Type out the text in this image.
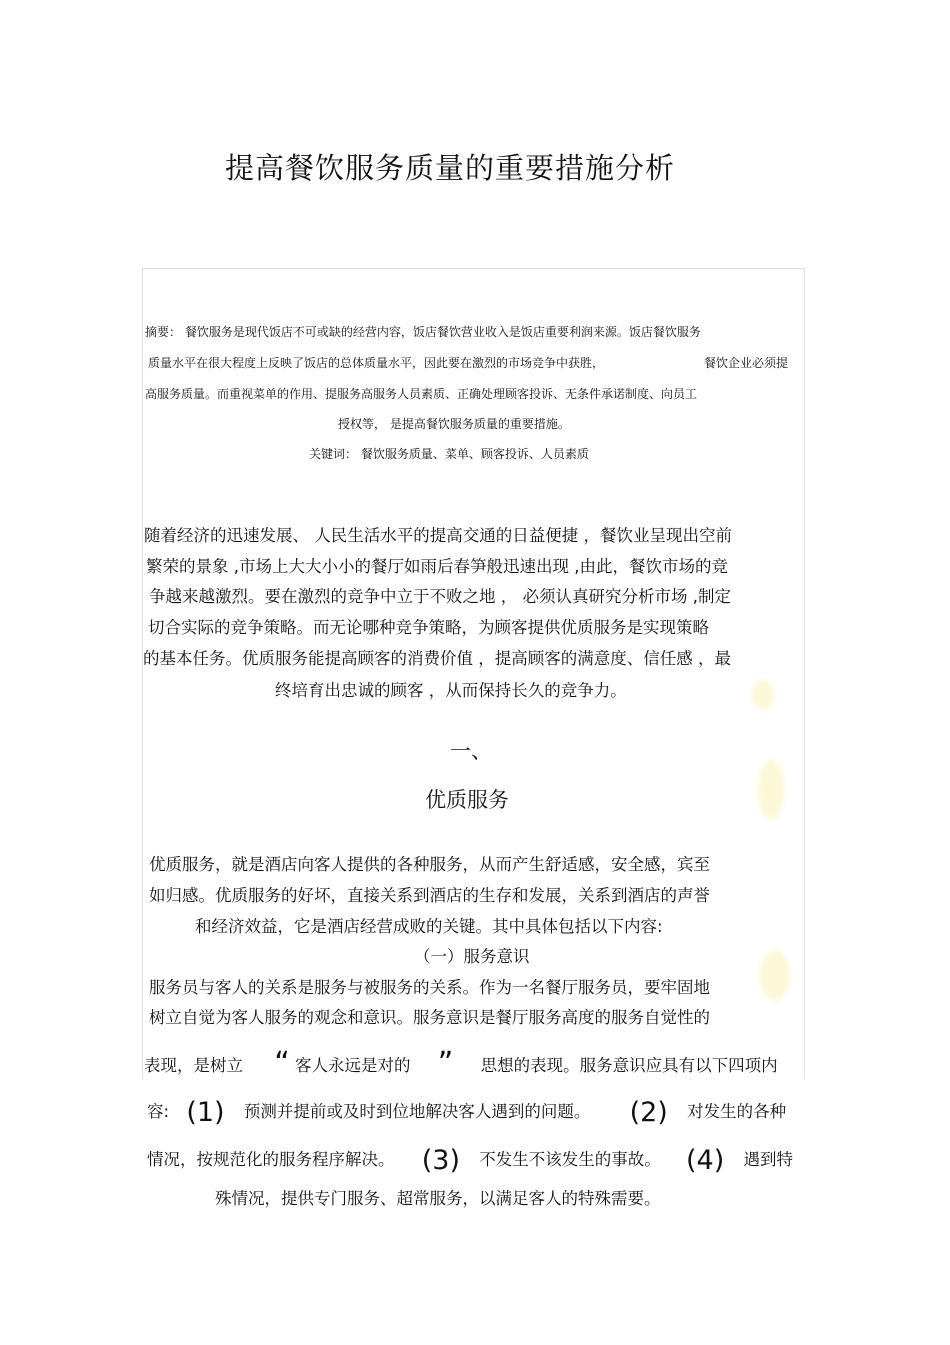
提高餐饮服务质量的重要措施分析
摘要： 餐饮服务是现代饭店不可或缺的经营内容，饭店餐饮营业收入是饭店重要利润来源。饭店餐饮服务
质量水平在很大程度上反映了饭店的总体质量水平，因此要在激烈的市场竞争中获胜，	餐饮企业必须提
高服务质量。而重视菜单的作用、提服务高服务人员素质、正确处理顾客投诉、无条件承诺制度、向员工
授权等， 是提高餐饮服务质量的重要措施。
关键词： 餐饮服务质量、菜单、顾客投诉、人员素质
随着经济的迅速发展、 人民生活水平的提高交通的日益便捷 ，餐饮业呈现出空前
繁荣的景象 ,市场上大大小小的餐厅如雨后春笋般迅速出现 ,由此，餐饮市场的竞
争越来越激烈。要在激烈的竞争中立于不败之地 ， 必须认真研究分析市场 ,制定
切合实际的竞争策略。而无论哪种竞争策略，为顾客提供优质服务是实现策略
的基本任务。优质服务能提高顾客的消费价值 ，提高顾客的满意度、信任感 ，最
终培育出忠诚的顾客 ，从而保持长久的竞争力。
一、
优质服务
优质服务，就是酒店向客人提供的各种服务，从而产生舒适感，安全感，宾至
如归感。优质服务的好坏，直接关系到酒店的生存和发展，关系到酒店的声誉
和经济效益，它是酒店经营成败的关键。其中具体包括以下内容:
（一）服务意识
服务员与客人的关系是服务与被服务的关系。作为一名餐厅服务员，要牢固地
树立自觉为客人服务的观念和意识。服务意识是餐厅服务高度的服务自觉性的
表现，是树立 “ 客人永远是对的 ” 思想的表现。服务意识应具有以下四项内
容: (1) 预测并提前或及时到位地解决客人遇到的问题。 (2) 对发生的各种
情况，按规范化的服务程序解决。 (3) 不发生不该发生的事故。 (4) 遇到特
殊情况，提供专门服务、超常服务，以满足客人的特殊需要。
